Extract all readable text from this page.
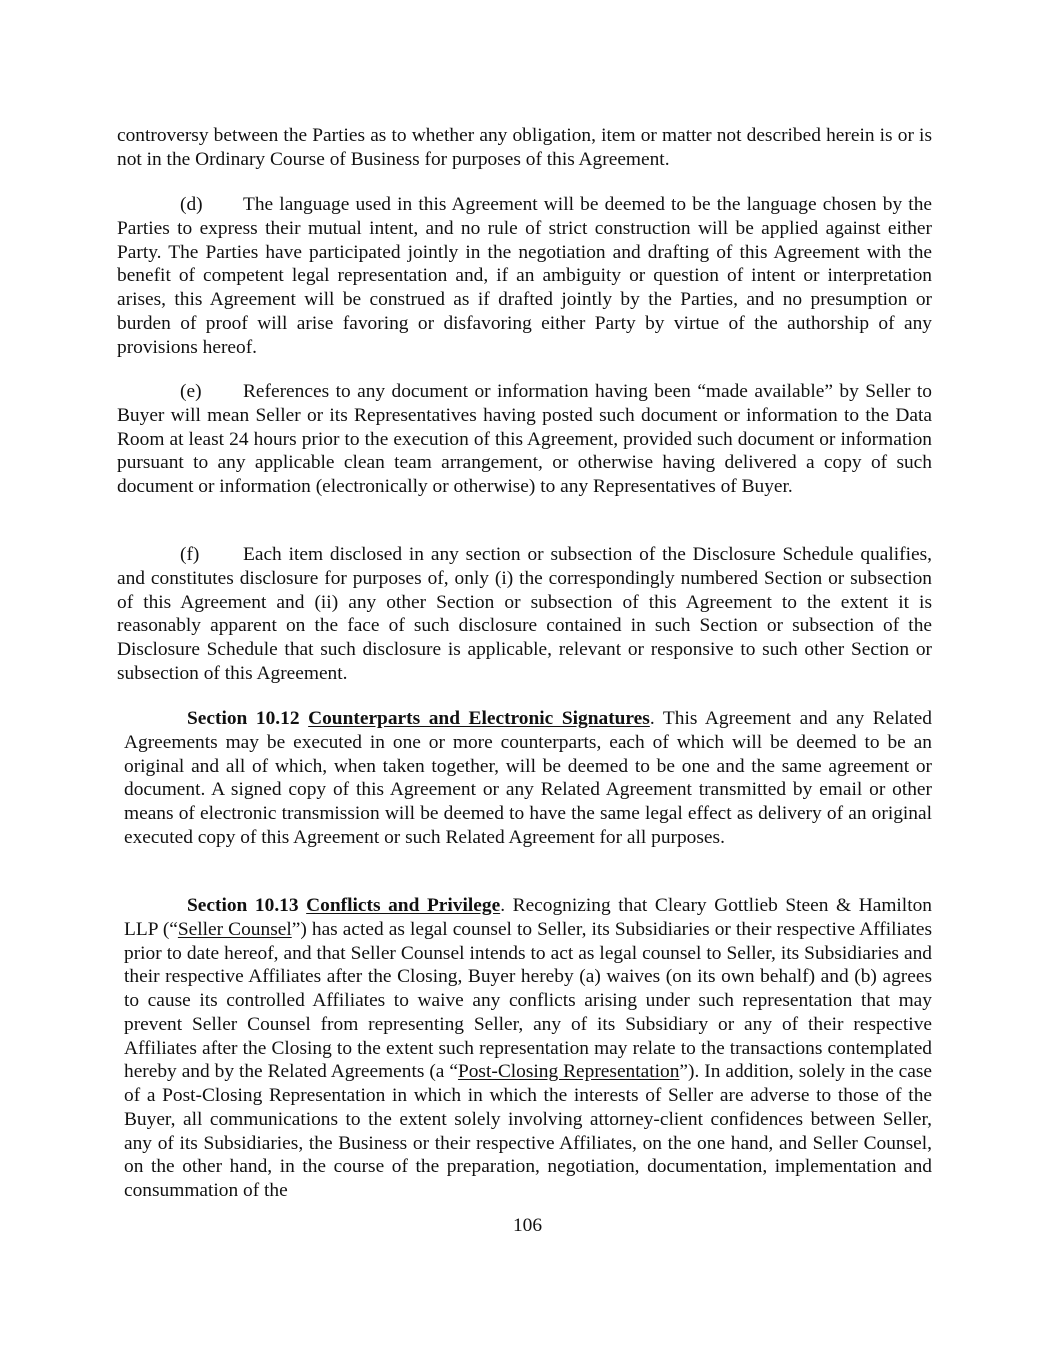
controversy between the Parties as to whether any obligation, item or matter not described herein is or is not in the Ordinary Course of Business for purposes of this Agreement.

(d) The language used in this Agreement will be deemed to be the language chosen by the Parties to express their mutual intent, and no rule of strict construction will be applied against either Party. The Parties have participated jointly in the negotiation and drafting of this Agreement with the benefit of competent legal representation and, if an ambiguity or question of intent or interpretation arises, this Agreement will be construed as if drafted jointly by the Parties, and no presumption or burden of proof will arise favoring or disfavoring either Party by virtue of the authorship of any provisions hereof.

(e) References to any document or information having been “made available” by Seller to Buyer will mean Seller or its Representatives having posted such document or information to the Data Room at least 24 hours prior to the execution of this Agreement, provided such document or information pursuant to any applicable clean team arrangement, or otherwise having delivered a copy of such document or information (electronically or otherwise) to any Representatives of Buyer.

(f) Each item disclosed in any section or subsection of the Disclosure Schedule qualifies, and constitutes disclosure for purposes of, only (i) the correspondingly numbered Section or subsection of this Agreement and (ii) any other Section or subsection of this Agreement to the extent it is reasonably apparent on the face of such disclosure contained in such Section or subsection of the Disclosure Schedule that such disclosure is applicable, relevant or responsive to such other Section or subsection of this Agreement.

Section 10.12 Counterparts and Electronic Signatures. This Agreement and any Related Agreements may be executed in one or more counterparts, each of which will be deemed to be an original and all of which, when taken together, will be deemed to be one and the same agreement or document. A signed copy of this Agreement or any Related Agreement transmitted by email or other means of electronic transmission will be deemed to have the same legal effect as delivery of an original executed copy of this Agreement or such Related Agreement for all purposes.

Section 10.13 Conflicts and Privilege. Recognizing that Cleary Gottlieb Steen & Hamilton LLP (“Seller Counsel”) has acted as legal counsel to Seller, its Subsidiaries or their respective Affiliates prior to date hereof, and that Seller Counsel intends to act as legal counsel to Seller, its Subsidiaries and their respective Affiliates after the Closing, Buyer hereby (a) waives (on its own behalf) and (b) agrees to cause its controlled Affiliates to waive any conflicts arising under such representation that may prevent Seller Counsel from representing Seller, any of its Subsidiary or any of their respective Affiliates after the Closing to the extent such representation may relate to the transactions contemplated hereby and by the Related Agreements (a “Post-Closing Representation”). In addition, solely in the case of a Post-Closing Representation in which in which the interests of Seller are adverse to those of the Buyer, all communications to the extent solely involving attorney-client confidences between Seller, any of its Subsidiaries, the Business or their respective Affiliates, on the one hand, and Seller Counsel, on the other hand, in the course of the preparation, negotiation, documentation, implementation and consummation of the

106
